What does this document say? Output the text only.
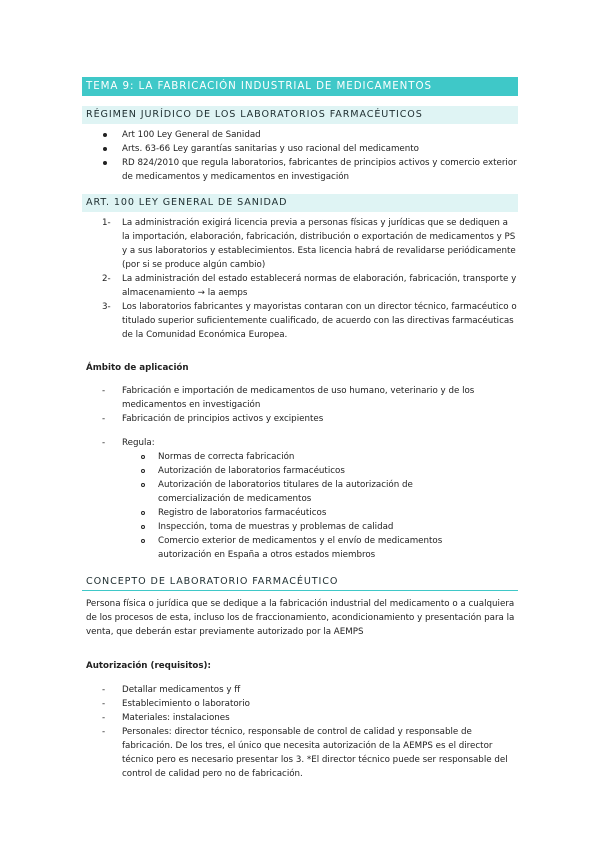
TEMA 9: LA FABRICACIÓN INDUSTRIAL DE MEDICAMENTOS
RÉGIMEN JURÍDICO DE LOS LABORATORIOS FARMACÉUTICOS
Art 100 Ley General de Sanidad
Arts. 63-66 Ley garantías sanitarias y uso racional del medicamento
RD 824/2010 que regula laboratorios, fabricantes de principios activos y comercio exterior de medicamentos y medicamentos en investigación
ART. 100 LEY GENERAL DE SANIDAD
1-	La administración exigirá licencia previa a personas físicas y jurídicas que se dediquen a la importación, elaboración, fabricación, distribución o exportación de medicamentos y PS y a sus laboratorios y establecimientos. Esta licencia habrá de revalidarse periódicamente (por si se produce algún cambio)
2-	La administración del estado establecerá normas de elaboración, fabricación, transporte y almacenamiento → la aemps
3-	Los laboratorios fabricantes y mayoristas contaran con un director técnico, farmacéutico o titulado superior suficientemente cualificado, de acuerdo con las directivas farmacéuticas de la Comunidad Económica Europea.
Ámbito de aplicación
-	Fabricación e importación de medicamentos de uso humano, veterinario y de los medicamentos en investigación
-	Fabricación de principios activos y excipientes
-	Regula:
Normas de correcta fabricación
Autorización de laboratorios farmacéuticos
Autorización de laboratorios titulares de la autorización de comercialización de medicamentos
Registro de laboratorios farmacéuticos
Inspección, toma de muestras y problemas de calidad
Comercio exterior de medicamentos y el envío de medicamentos autorización en España a otros estados miembros
CONCEPTO DE LABORATORIO FARMACÉUTICO
Persona física o jurídica que se dedique a la fabricación industrial del medicamento o a cualquiera de los procesos de esta, incluso los de fraccionamiento, acondicionamiento y presentación para la venta, que deberán estar previamente autorizado por la AEMPS
Autorización (requisitos):
-	Detallar medicamentos y ff
-	Establecimiento o laboratorio
-	Materiales: instalaciones
-	Personales: director técnico, responsable de control de calidad y responsable de fabricación. De los tres, el único que necesita autorización de la AEMPS es el director técnico pero es necesario presentar los 3. *El director técnico puede ser responsable del control de calidad pero no de fabricación.
